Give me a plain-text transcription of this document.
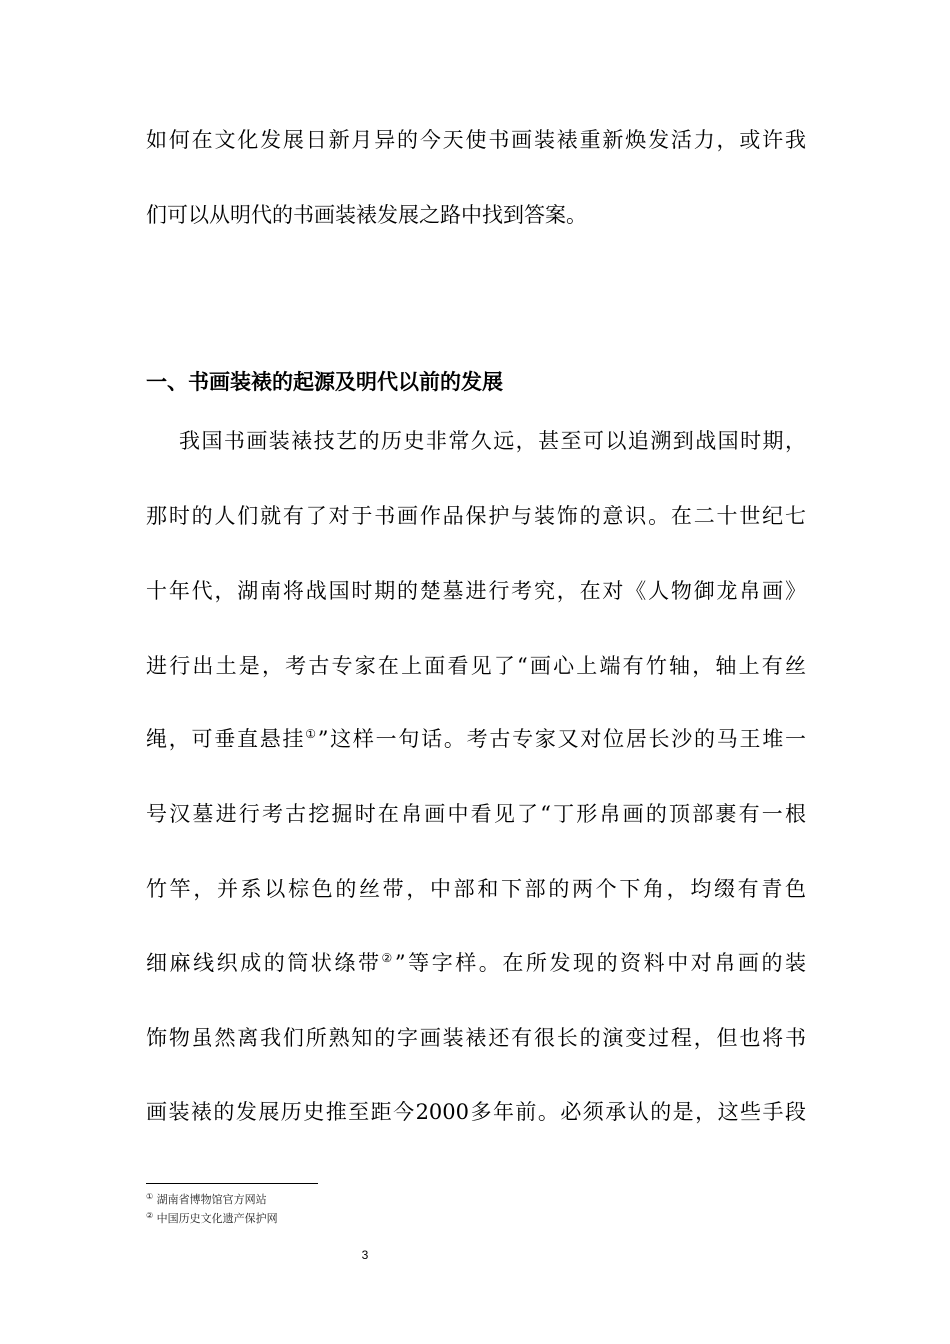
如何在文化发展日新月异的今天使书画装裱重新焕发活力，或许我
们可以从明代的书画装裱发展之路中找到答案。
一、书画装裱的起源及明代以前的发展
我国书画装裱技艺的历史非常久远，甚至可以追溯到战国时期，
那时的人们就有了对于书画作品保护与装饰的意识。在二十世纪七
十年代，湖南将战国时期的楚墓进行考究，在对《人物御龙帛画》
进行出土是，考古专家在上面看见了“画心上端有竹轴，轴上有丝
绳，可垂直悬挂①”这样一句话。考古专家又对位居长沙的马王堆一
号汉墓进行考古挖掘时在帛画中看见了“丁形帛画的顶部裹有一根
竹竿，并系以棕色的丝带，中部和下部的两个下角，均缀有青色
细麻线织成的筒状绦带②”等字样。在所发现的资料中对帛画的装
饰物虽然离我们所熟知的字画装裱还有很长的演变过程，但也将书
画装裱的发展历史推至距今2000多年前。必须承认的是，这些手段
① 湖南省博物馆官方网站
② 中国历史文化遗产保护网
3
